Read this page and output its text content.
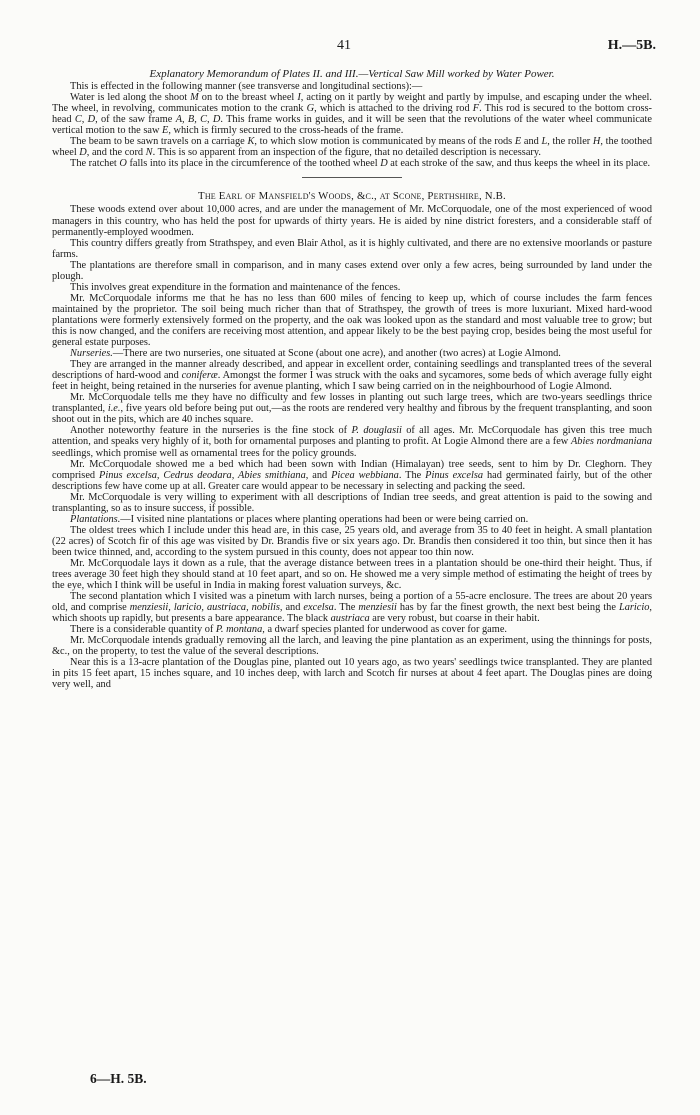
41	H.—5B.

Explanatory Memorandum of Plates II. and III.—Vertical Saw Mill worked by Water Power.

This is effected in the following manner (see transverse and longitudinal sections):—

Water is led along the shoot M on to the breast wheel I, acting on it partly by weight and partly by impulse, and escaping under the wheel. The wheel, in revolving, communicates motion to the crank G, which is attached to the driving rod F. This rod is secured to the bottom cross-head C, D, of the saw frame A, B, C, D. This frame works in guides, and it will be seen that the revolutions of the water wheel communicate vertical motion to the saw E, which is firmly secured to the cross-heads of the frame.

The beam to be sawn travels on a carriage K, to which slow motion is communicated by means of the rods E and L, the roller H, the toothed wheel D, and the cord N. This is so apparent from an inspection of the figure, that no detailed description is necessary.

The ratchet O falls into its place in the circumference of the toothed wheel D at each stroke of the saw, and thus keeps the wheel in its place.

The Earl of Mansfield's Woods, &c., at Scone, Perthshire, N.B.

These woods extend over about 10,000 acres, and are under the management of Mr. McCorquodale, one of the most experienced of wood managers in this country, who has held the post for upwards of thirty years. He is aided by nine district foresters, and a considerable staff of permanently-employed woodmen.

This country differs greatly from Strathspey, and even Blair Athol, as it is highly cultivated, and there are no extensive moorlands or pasture farms.

The plantations are therefore small in comparison, and in many cases extend over only a few acres, being surrounded by land under the plough.

This involves great expenditure in the formation and maintenance of the fences.

Mr. McCorquodale informs me that he has no less than 600 miles of fencing to keep up, which of course includes the farm fences maintained by the proprietor. The soil being much richer than that of Strathspey, the growth of trees is more luxuriant. Mixed hard-wood plantations were formerly extensively formed on the property, and the oak was looked upon as the standard and most valuable tree to grow; but this is now changed, and the conifers are receiving most attention, and appear likely to be the best paying crop, besides being the most useful for general estate purposes.

Nurseries.—There are two nurseries, one situated at Scone (about one acre), and another (two acres) at Logie Almond.

They are arranged in the manner already described, and appear in excellent order, containing seedlings and transplanted trees of the several descriptions of hard-wood and coniferæ. Amongst the former I was struck with the oaks and sycamores, some beds of which average fully eight feet in height, being retained in the nurseries for avenue planting, which I saw being carried on in the neighbourhood of Logie Almond.

Mr. McCorquodale tells me they have no difficulty and few losses in planting out such large trees, which are two-years seedlings thrice transplanted, i.e., five years old before being put out,—as the roots are rendered very healthy and fibrous by the frequent transplanting, and soon shoot out in the pits, which are 40 inches square.

Another noteworthy feature in the nurseries is the fine stock of P. douglasii of all ages. Mr. McCorquodale has given this tree much attention, and speaks very highly of it, both for ornamental purposes and planting to profit. At Logie Almond there are a few Abies nordmaniana seedlings, which promise well as ornamental trees for the policy grounds.

Mr. McCorquodale showed me a bed which had been sown with Indian (Himalayan) tree seeds, sent to him by Dr. Cleghorn. They comprised Pinus excelsa, Cedrus deodara, Abies smithiana, and Picea webbiana. The Pinus excelsa had germinated fairly, but of the other descriptions few have come up at all. Greater care would appear to be necessary in selecting and packing the seed.

Mr. McCorquodale is very willing to experiment with all descriptions of Indian tree seeds, and great attention is paid to the sowing and transplanting, so as to insure success, if possible.

Plantations.—I visited nine plantations or places where planting operations had been or were being carried on.

The oldest trees which I include under this head are, in this case, 25 years old, and average from 35 to 40 feet in height. A small plantation (22 acres) of Scotch fir of this age was visited by Dr. Brandis five or six years ago. Dr. Brandis then considered it too thin, but since then it has been twice thinned, and, according to the system pursued in this county, does not appear too thin now.

Mr. McCorquodale lays it down as a rule, that the average distance between trees in a plantation should be one-third their height. Thus, if trees average 30 feet high they should stand at 10 feet apart, and so on. He showed me a very simple method of estimating the height of trees by the eye, which I think will be useful in India in making forest valuation surveys, &c.

The second plantation which I visited was a pinetum with larch nurses, being a portion of a 55-acre enclosure. The trees are about 20 years old, and comprise menziesii, laricio, austriaca, nobilis, and excelsa. The menziesii has by far the finest growth, the next best being the Laricio, which shoots up rapidly, but presents a bare appearance. The black austriaca are very robust, but coarse in their habit.

There is a considerable quantity of P. montana, a dwarf species planted for underwood as cover for game.

Mr. McCorquodale intends gradually removing all the larch, and leaving the pine plantation as an experiment, using the thinnings for posts, &c., on the property, to test the value of the several descriptions.

Near this is a 13-acre plantation of the Douglas pine, planted out 10 years ago, as two years' seedlings twice transplanted. They are planted in pits 15 feet apart, 15 inches square, and 10 inches deep, with larch and Scotch fir nurses at about 4 feet apart. The Douglas pines are doing very well, and

6—H. 5B.
